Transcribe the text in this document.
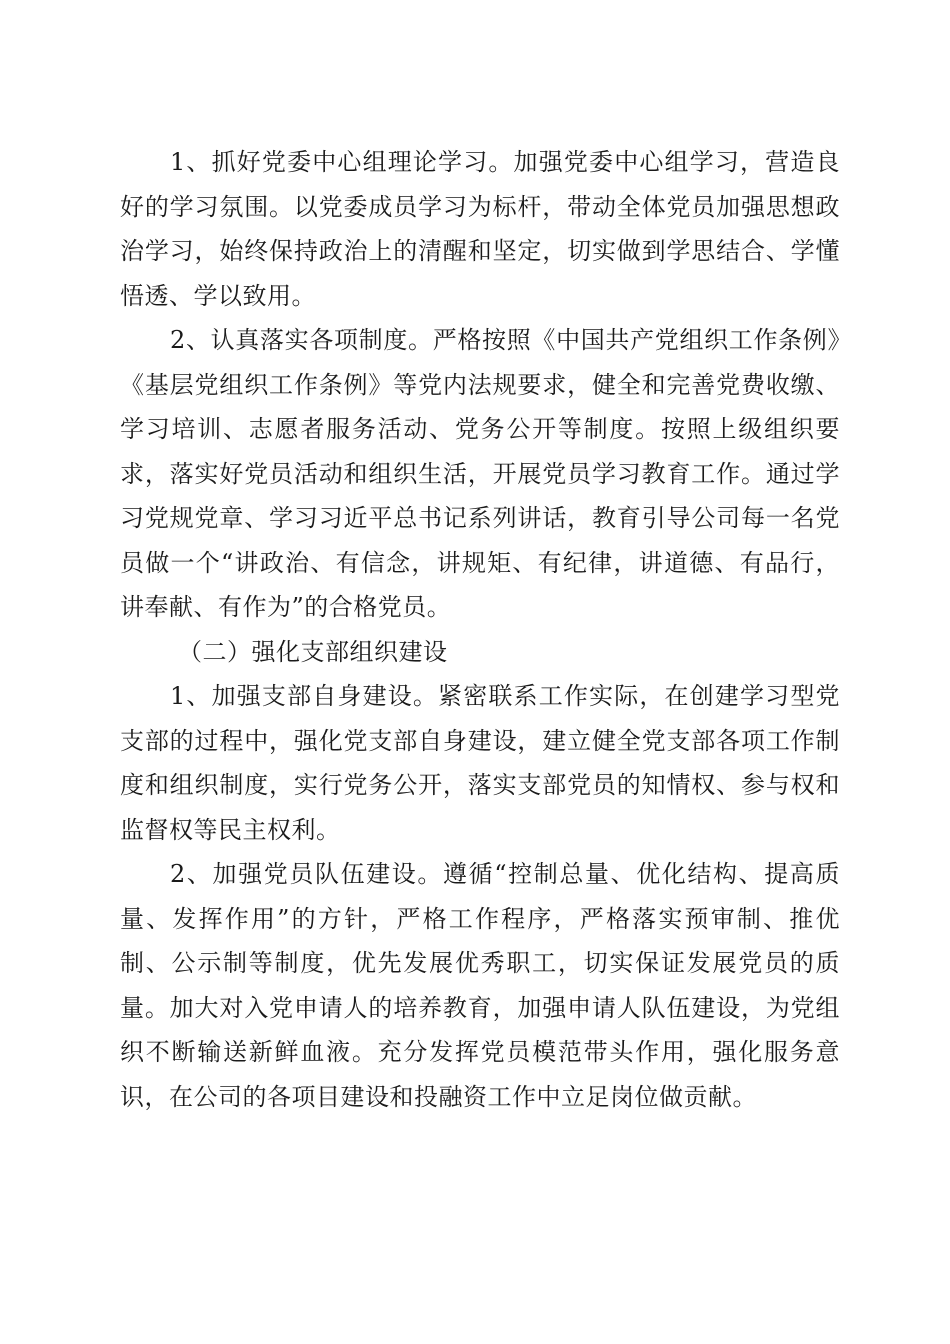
1、抓好党委中心组理论学习。加强党委中心组学习，营造良好的学习氛围。以党委成员学习为标杆，带动全体党员加强思想政治学习，始终保持政治上的清醒和坚定，切实做到学思结合、学懂悟透、学以致用。

2、认真落实各项制度。严格按照《中国共产党组织工作条例》《基层党组织工作条例》等党内法规要求，健全和完善党费收缴、学习培训、志愿者服务活动、党务公开等制度。按照上级组织要求，落实好党员活动和组织生活，开展党员学习教育工作。通过学习党规党章、学习习近平总书记系列讲话，教育引导公司每一名党员做一个“讲政治、有信念，讲规矩、有纪律，讲道德、有品行，讲奉献、有作为”的合格党员。

（二）强化支部组织建设

1、加强支部自身建设。紧密联系工作实际，在创建学习型党支部的过程中，强化党支部自身建设，建立健全党支部各项工作制度和组织制度，实行党务公开，落实支部党员的知情权、参与权和监督权等民主权利。

2、加强党员队伍建设。遵循“控制总量、优化结构、提高质量、发挥作用”的方针，严格工作程序，严格落实预审制、推优制、公示制等制度，优先发展优秀职工，切实保证发展党员的质量。加大对入党申请人的培养教育，加强申请人队伍建设，为党组织不断输送新鲜血液。充分发挥党员模范带头作用，强化服务意识，在公司的各项目建设和投融资工作中立足岗位做贡献。
